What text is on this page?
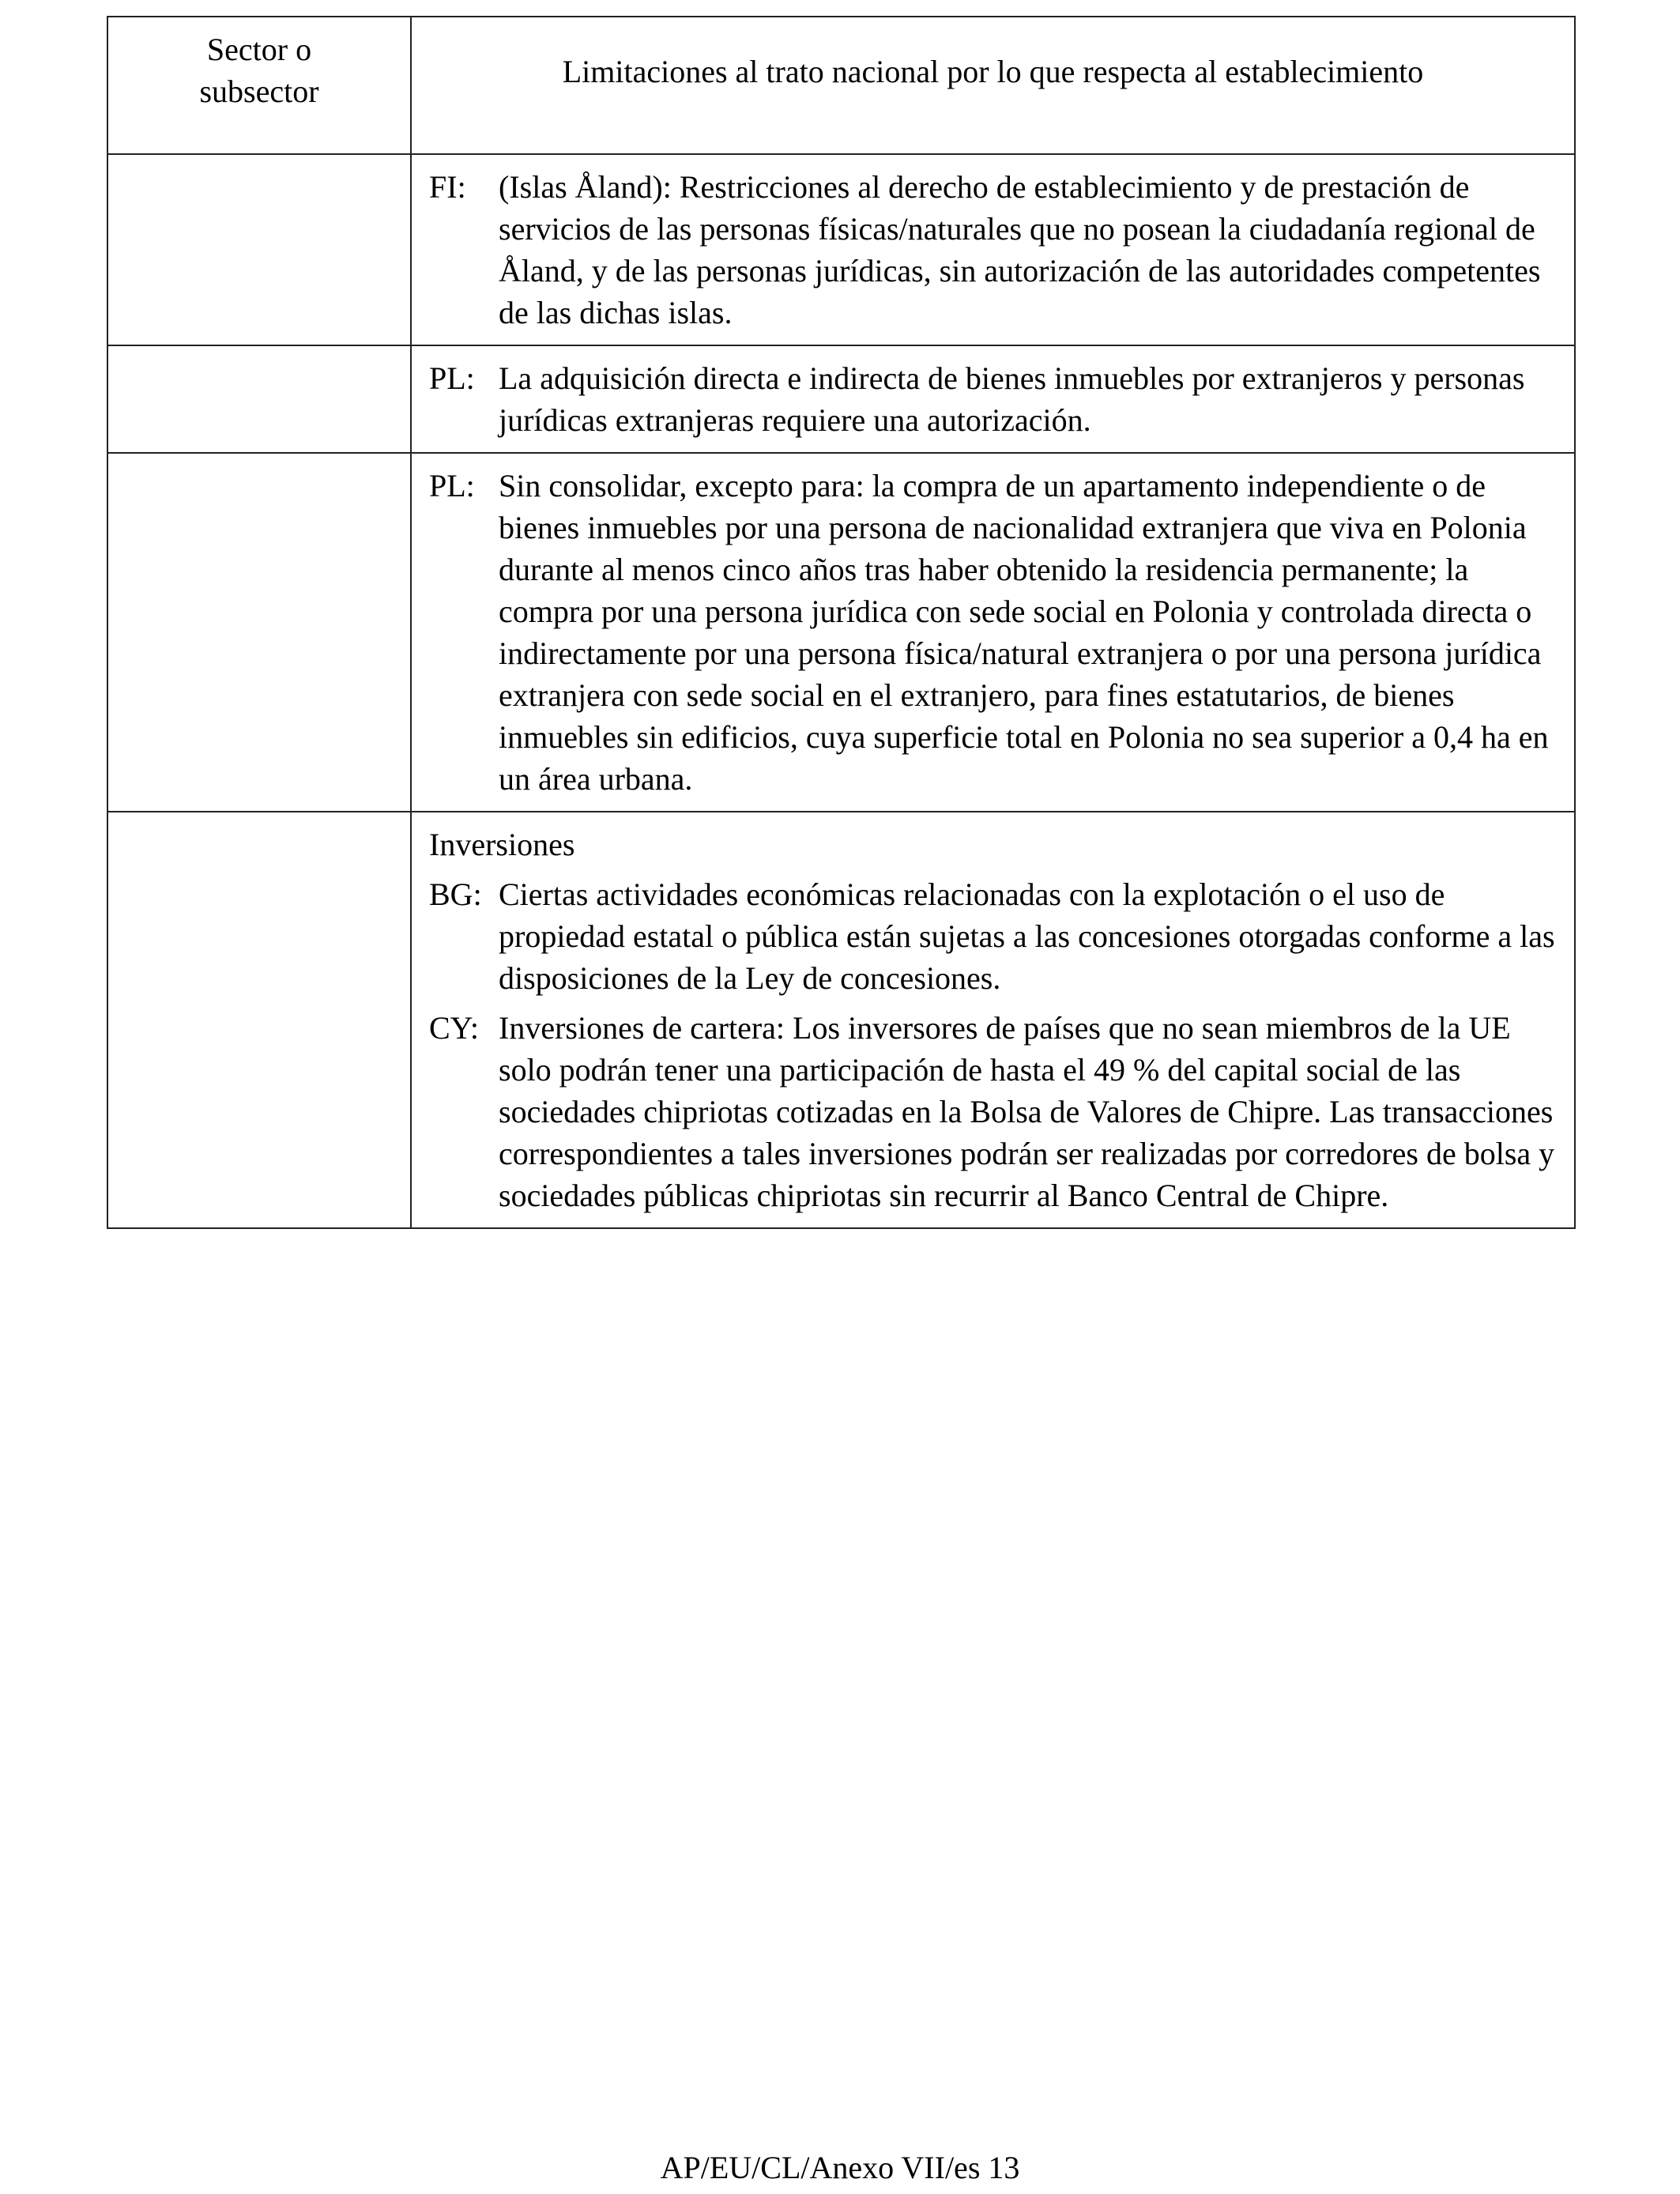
Sector o
subsector	Limitaciones al trato nacional por lo que respecta al establecimiento

	FI: (Islas Åland): Restricciones al derecho de establecimiento y de prestación de servicios de las personas físicas/naturales que no posean la ciudadanía regional de Åland, y de las personas jurídicas, sin autorización de las autoridades competentes de las dichas islas.

	PL: La adquisición directa e indirecta de bienes inmuebles por extranjeros y personas jurídicas extranjeras requiere una autorización.

	PL: Sin consolidar, excepto para: la compra de un apartamento independiente o de bienes inmuebles por una persona de nacionalidad extranjera que viva en Polonia durante al menos cinco años tras haber obtenido la residencia permanente; la compra por una persona jurídica con sede social en Polonia y controlada directa o indirectamente por una persona física/natural extranjera o por una persona jurídica extranjera con sede social en el extranjero, para fines estatutarios, de bienes inmuebles sin edificios, cuya superficie total en Polonia no sea superior a 0,4 ha en un área urbana.

	Inversiones
BG: Ciertas actividades económicas relacionadas con la explotación o el uso de propiedad estatal o pública están sujetas a las concesiones otorgadas conforme a las disposiciones de la Ley de concesiones.
CY: Inversiones de cartera: Los inversores de países que no sean miembros de la UE solo podrán tener una participación de hasta el 49 % del capital social de las sociedades chipriotas cotizadas en la Bolsa de Valores de Chipre. Las transacciones correspondientes a tales inversiones podrán ser realizadas por corredores de bolsa y sociedades públicas chipriotas sin recurrir al Banco Central de Chipre.
AP/EU/CL/Anexo VII/es 13
